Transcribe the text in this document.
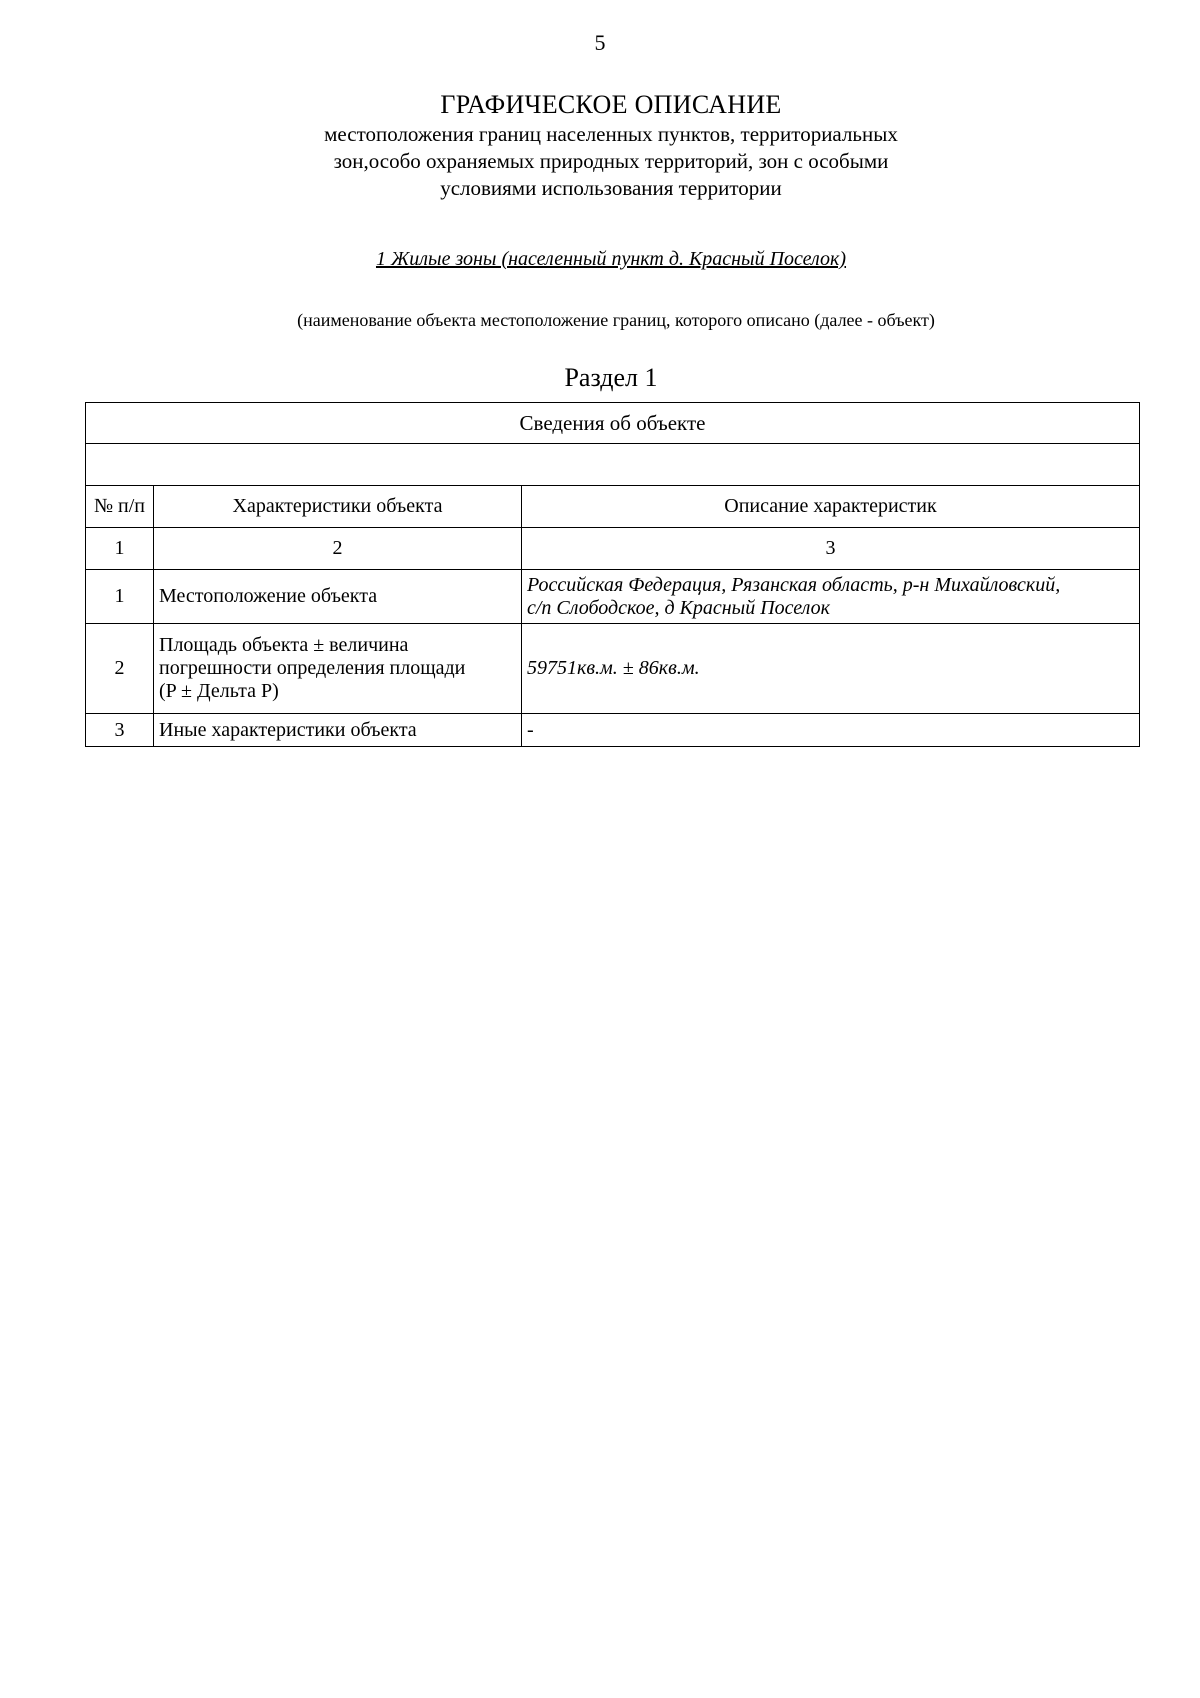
5
ГРАФИЧЕСКОЕ ОПИСАНИЕ
местоположения границ населенных пунктов, территориальных
зон,особо охраняемых природных территорий, зон с особыми
условиями использования территории
1 Жилые зоны (населенный пункт д. Красный Поселок)
(наименование объекта местоположение границ, которого описано (далее - объект)
Раздел 1
Сведения об объекте		

№ п/п	Характеристики объекта	Описание характеристик
1	2	3
1	Местоположение объекта	Российская Федерация, Рязанская область, р-н Михайловский,
с/п Слободское, д Красный Поселок

2	Площадь объекта ± величина
погрешности определения площади
(P ± Дельта P)	59751кв.м. ± 86кв.м.
3	Иные характеристики объекта	-
